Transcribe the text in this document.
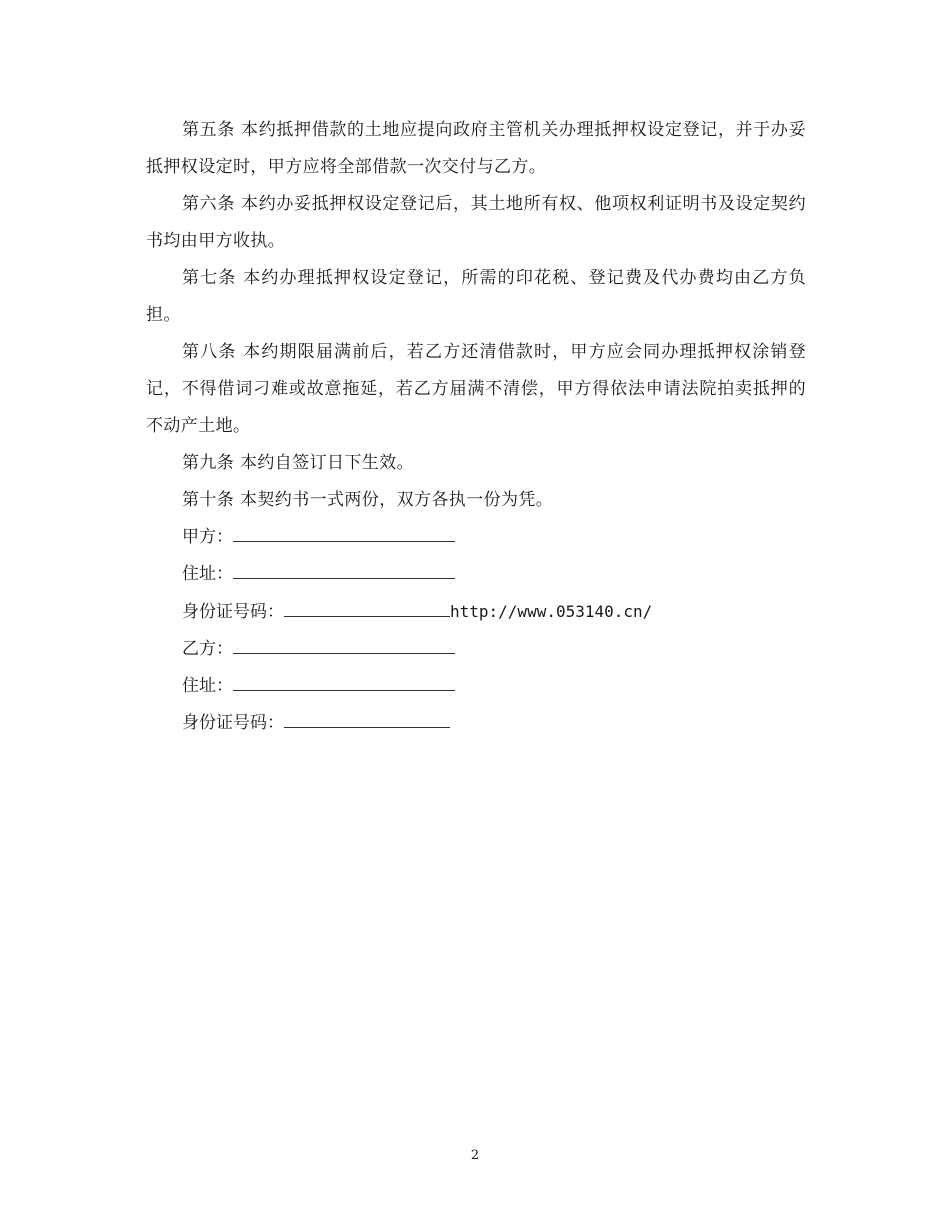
第五条 本约抵押借款的土地应提向政府主管机关办理抵押权设定登记，并于办妥抵押权设定时，甲方应将全部借款一次交付与乙方。

第六条 本约办妥抵押权设定登记后，其土地所有权、他项权利证明书及设定契约书均由甲方收执。

第七条 本约办理抵押权设定登记，所需的印花税、登记费及代办费均由乙方负担。

第八条 本约期限届满前后，若乙方还清借款时，甲方应会同办理抵押权涂销登记，不得借词刁难或故意拖延，若乙方届满不清偿，甲方得依法申请法院拍卖抵押的不动产土地。

第九条 本约自签订日下生效。

第十条 本契约书一式两份，双方各执一份为凭。

甲方：

住址：

身份证号码：	http://www.053140.cn/

乙方：

住址：

身份证号码：

2
